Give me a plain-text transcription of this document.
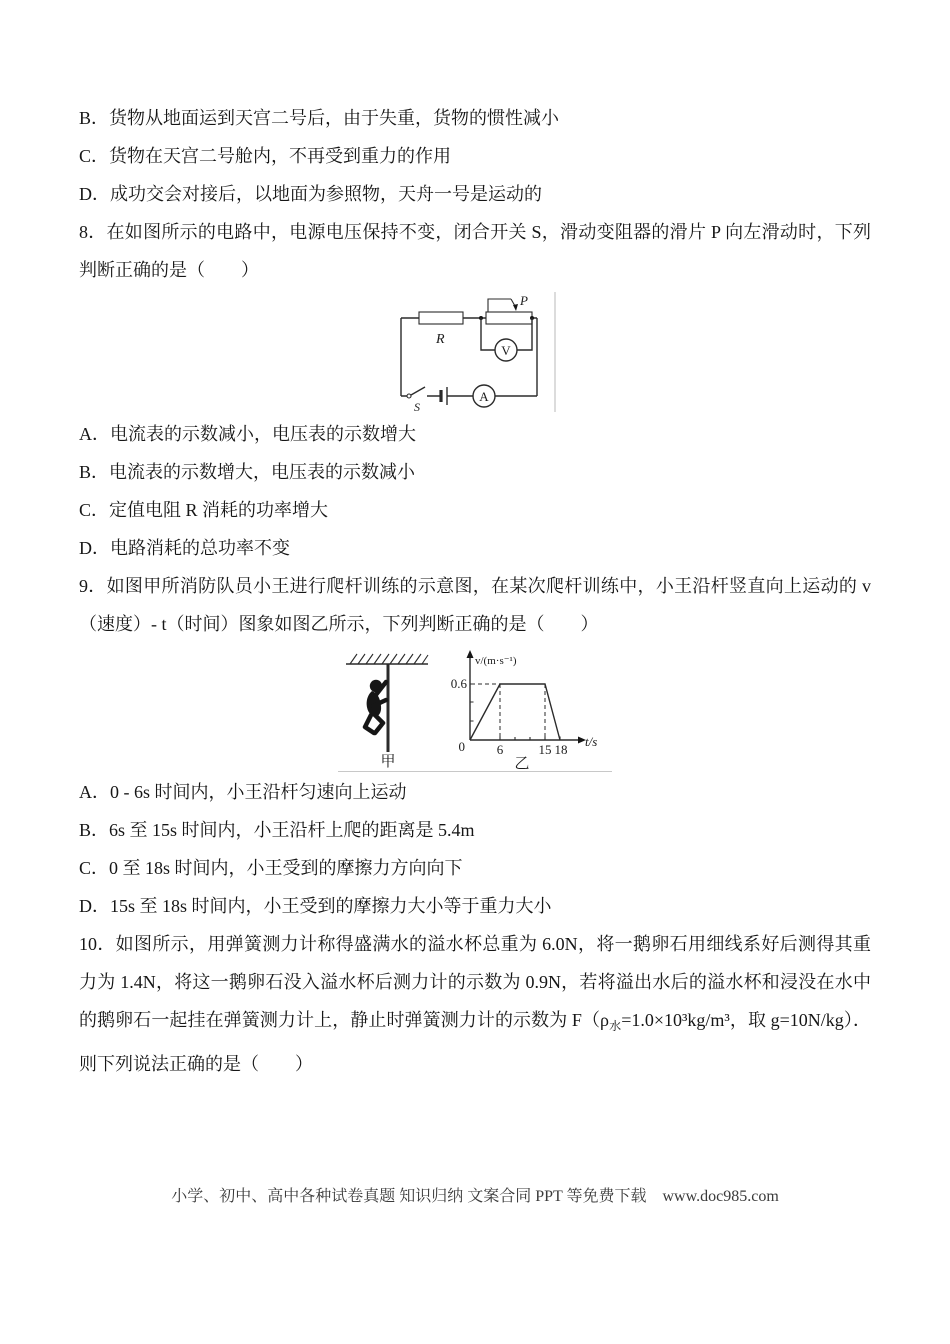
B．货物从地面运到天宫二号后，由于失重，货物的惯性减小

C．货物在天宫二号舱内，不再受到重力的作用

D．成功交会对接后，以地面为参照物，天舟一号是运动的

8．在如图所示的电路中，电源电压保持不变，闭合开关 S，滑动变阻器的滑片 P 向左滑动时，下列判断正确的是（　　）

P
R
V
A
S

A．电流表的示数减小，电压表的示数增大

B．电流表的示数增大，电压表的示数减小

C．定值电阻 R 消耗的功率增大

D．电路消耗的总功率不变

9．如图甲所消防队员小王进行爬杆训练的示意图，在某次爬杆训练中，小王沿杆竖直向上运动的 v（速度）- t（时间）图象如图乙所示，下列判断正确的是（　　）

甲
v/(m·s⁻¹)
0.6
0 6	15 18
t/s
乙

A．0 - 6s 时间内，小王沿杆匀速向上运动

B．6s 至 15s 时间内，小王沿杆上爬的距离是 5.4m

C．0 至 18s 时间内，小王受到的摩擦力方向向下

D．15s 至 18s 时间内，小王受到的摩擦力大小等于重力大小

10．如图所示，用弹簧测力计称得盛满水的溢水杯总重为 6.0N，将一鹅卵石用细线系好后测得其重力为 1.4N，将这一鹅卵石没入溢水杯后测力计的示数为 0.9N，若将溢出水后的溢水杯和浸没在水中的鹅卵石一起挂在弹簧测力计上，静止时弹簧测力计的示数为 $F(\rho_水=1.0\times 10^3kg/m^3$，取 g=10N/kg）．则下列说法正确的是（　　）

小学、初中、高中各种试卷真题 知识归纳 文案合同 PPT 等免费下载　www.doc985.com
